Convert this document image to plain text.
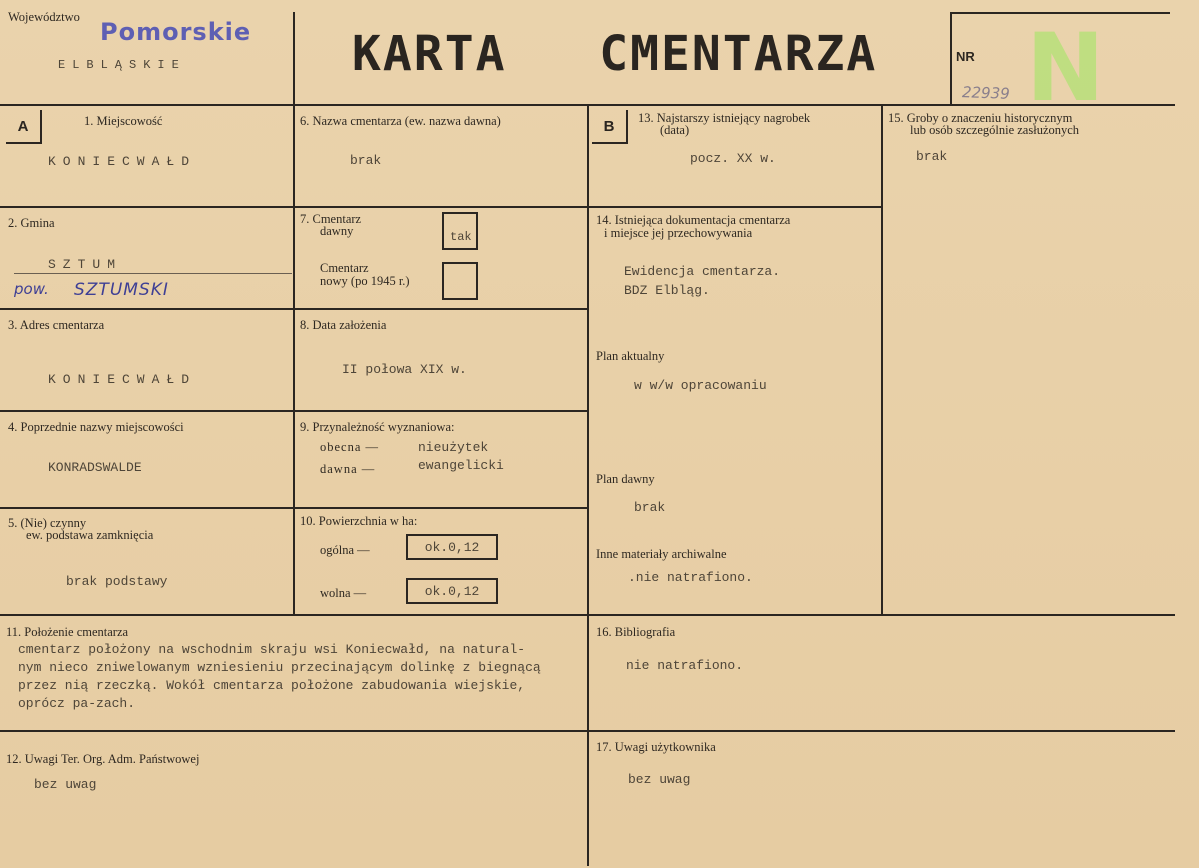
Województwo
Pomorskie
ELBLĄSKIE	KARTA CMENTARZA N
NR
22939
A	B
1. Miejscowość
KONIECWAŁD
2. Gmina
SZTUM
pow. SZTUMSKI
3. Adres cmentarza
KONIECWAŁD
4. Poprzednie nazwy miejscowości
KONRADSWALDE
5. (Nie) czynny
ew. podstawa zamknięcia
brak podstawy
6. Nazwa cmentarza (ew. nazwa dawna)
brak
7. Cmentarz
dawny	tak
Cmentarz
nowy (po 1945 r.)
8. Data założenia
II połowa XIX w.
9. Przynależność wyznaniowa:
obecna —	nieużytek
dawna —	ewangelicki
10. Powierzchnia w ha:
ogólna —	ok.0,12
wolna —	ok.0,12
11. Położenie cmentarza
cmentarz położony na wschodnim skraju wsi Koniecwałd, na natural-
nym nieco zniwelowanym wzniesieniu przecinającym dolinkę z biegnącą
przez nią rzeczką. Wokół cmentarza położone zabudowania wiejskie,
oprócz pa-zach.
12. Uwagi Ter. Org. Adm. Państwowej
bez uwag
13. Najstarszy istniejący nagrobek
(data)
pocz. XX w.
14. Istniejąca dokumentacja cmentarza
i miejsce jej przechowywania
Ewidencja cmentarza.
BDZ Elbląg.
Plan aktualny
w w/w opracowaniu
Plan dawny
brak
Inne materiały archiwalne
.nie natrafiono.
15. Groby o znaczeniu historycznym
lub osób szczególnie zasłużonych
brak
16. Bibliografia
nie natrafiono.
17. Uwagi użytkownika
bez uwag
